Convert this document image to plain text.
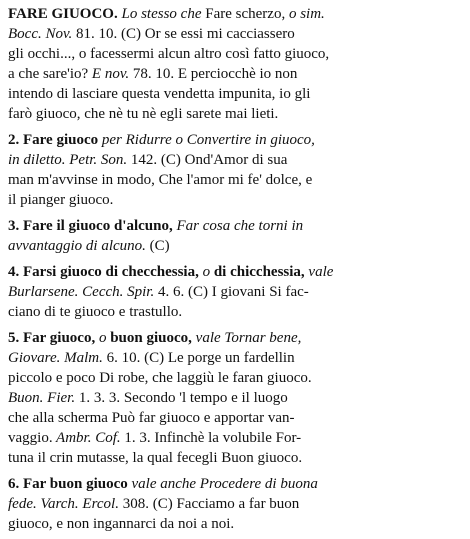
FARE GIUOCO. Lo stesso che Fare scherzo, o sim.
Bocc. Nov. 81. 10. (C) Or se essi mi cacciassero
gli occhi..., o facessermi alcun altro così fatto giuoco,
a che sare'io? E nov. 78. 10. E perciocchè io non
intendo di lasciare questa vendetta impunita, io gli
farò giuoco, che nè tu nè egli sarete mai lieti.
2. Fare giuoco per Ridurre o Convertire in giuoco,
in diletto. Petr. Son. 142. (C) Ond'Amor di sua
man m'avvinse in modo, Che l'amor mi fe' dolce, e
il pianger giuoco.
3. Fare il giuoco d'alcuno, Far cosa che torni in
avvantaggio di alcuno. (C)
4. Farsi giuoco di checchessia, o di chicchessia, vale
Burlarsene. Cecch. Spir. 4. 6. (C) I giovani Si fac-
ciano di te giuoco e trastullo.
5. Far giuoco, o buon giuoco, vale Tornar bene,
Giovare. Malm. 6. 10. (C) Le porge un fardellin
piccolo e poco Di robe, che laggiù le faran giuoco.
Buon. Fier. 1. 3. 3. Secondo 'l tempo e il luogo
che alla scherma Può far giuoco e apportar van-
vaggio. Ambr. Cof. 1. 3. Infinchè la volubile For-
tuna il crin mutasse, la qual fecegli Buon giuoco.
6. Far buon giuoco vale anche Procedere di buona
fede. Varch. Ercol. 308. (C) Facciamo a far buon
giuoco, e non ingannarci da noi a noi.
